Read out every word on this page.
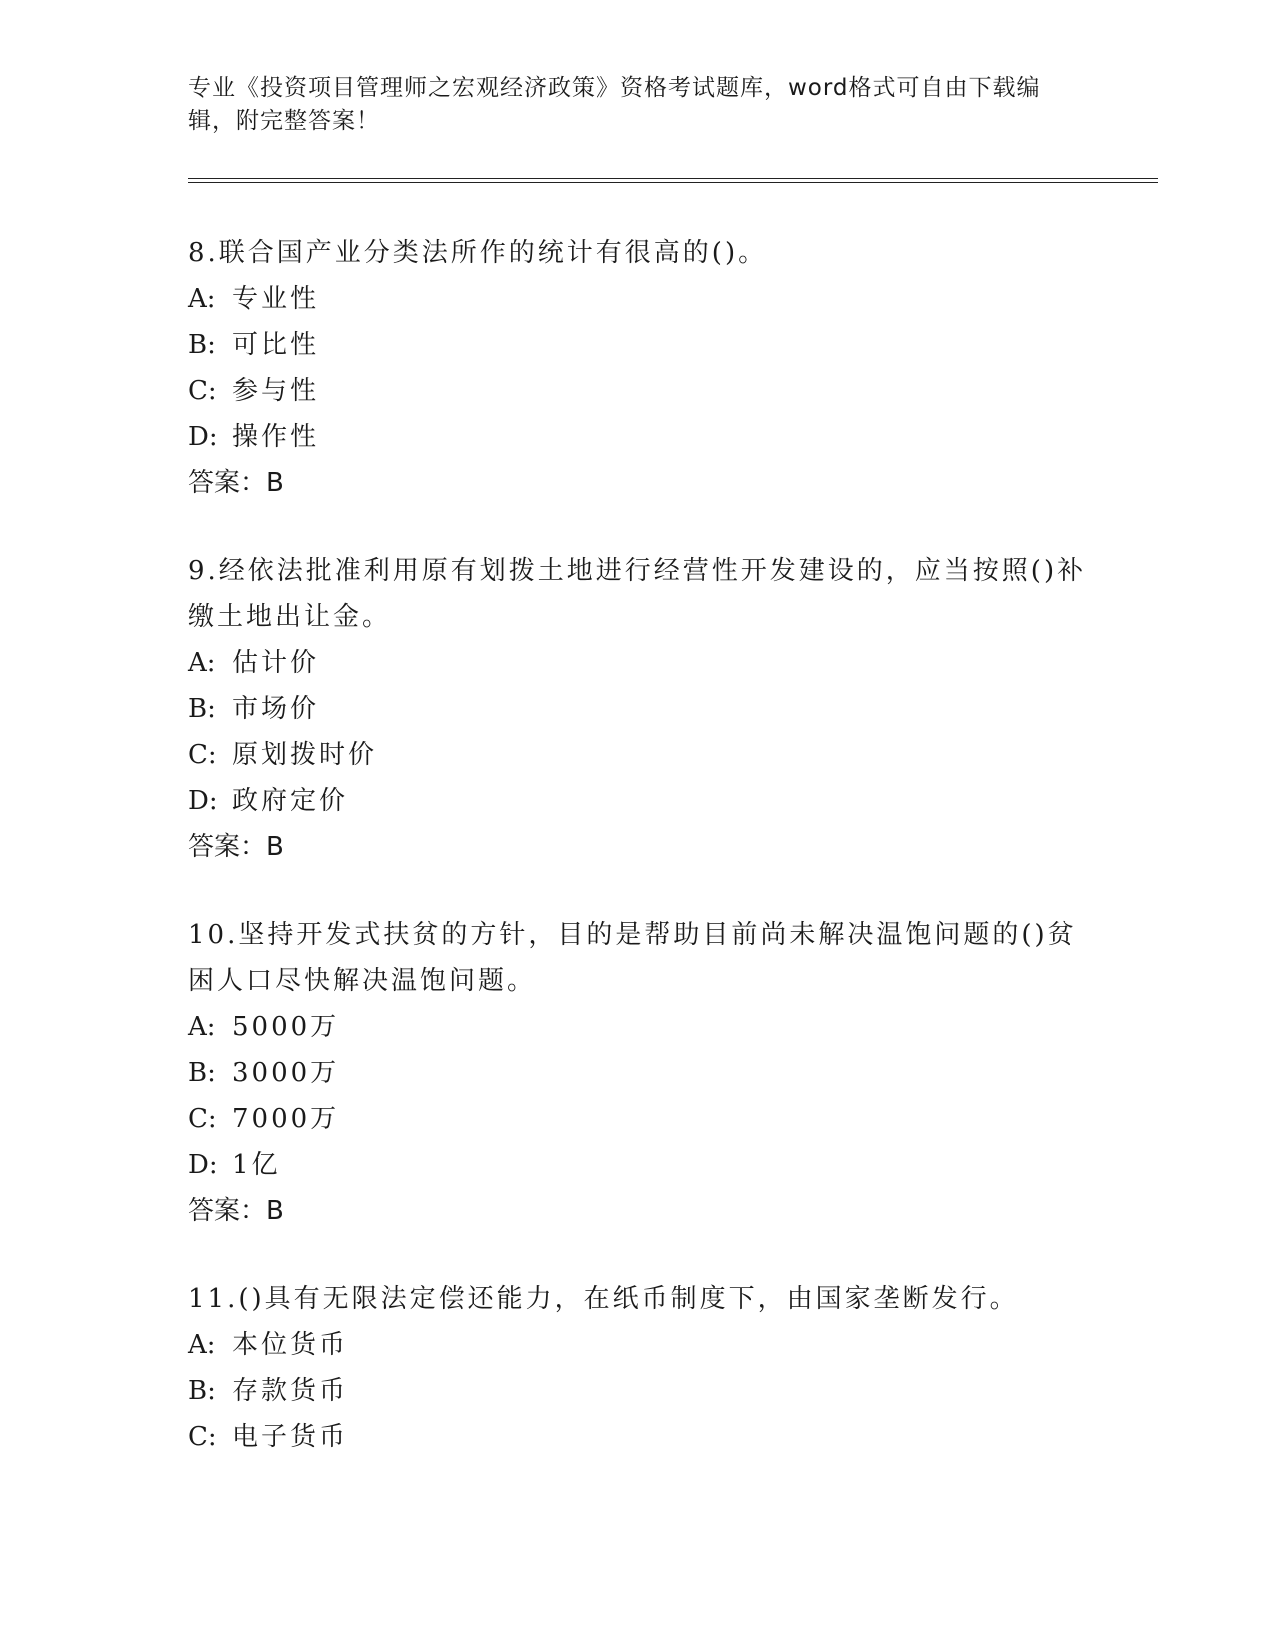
专业《投资项目管理师之宏观经济政策》资格考试题库，word格式可自由下载编辑，附完整答案！

8.联合国产业分类法所作的统计有很高的()。

A: 专业性

B: 可比性

C: 参与性

D: 操作性

答案：B

9.经依法批准利用原有划拨土地进行经营性开发建设的，应当按照()补缴土地出让金。

A: 估计价

B: 市场价

C: 原划拨时价

D: 政府定价

答案：B

10.坚持开发式扶贫的方针，目的是帮助目前尚未解决温饱问题的()贫困人口尽快解决温饱问题。

A: 5000万

B: 3000万

C: 7000万

D: 1亿

答案：B

11.()具有无限法定偿还能力，在纸币制度下，由国家垄断发行。

A: 本位货币

B: 存款货币

C: 电子货币
